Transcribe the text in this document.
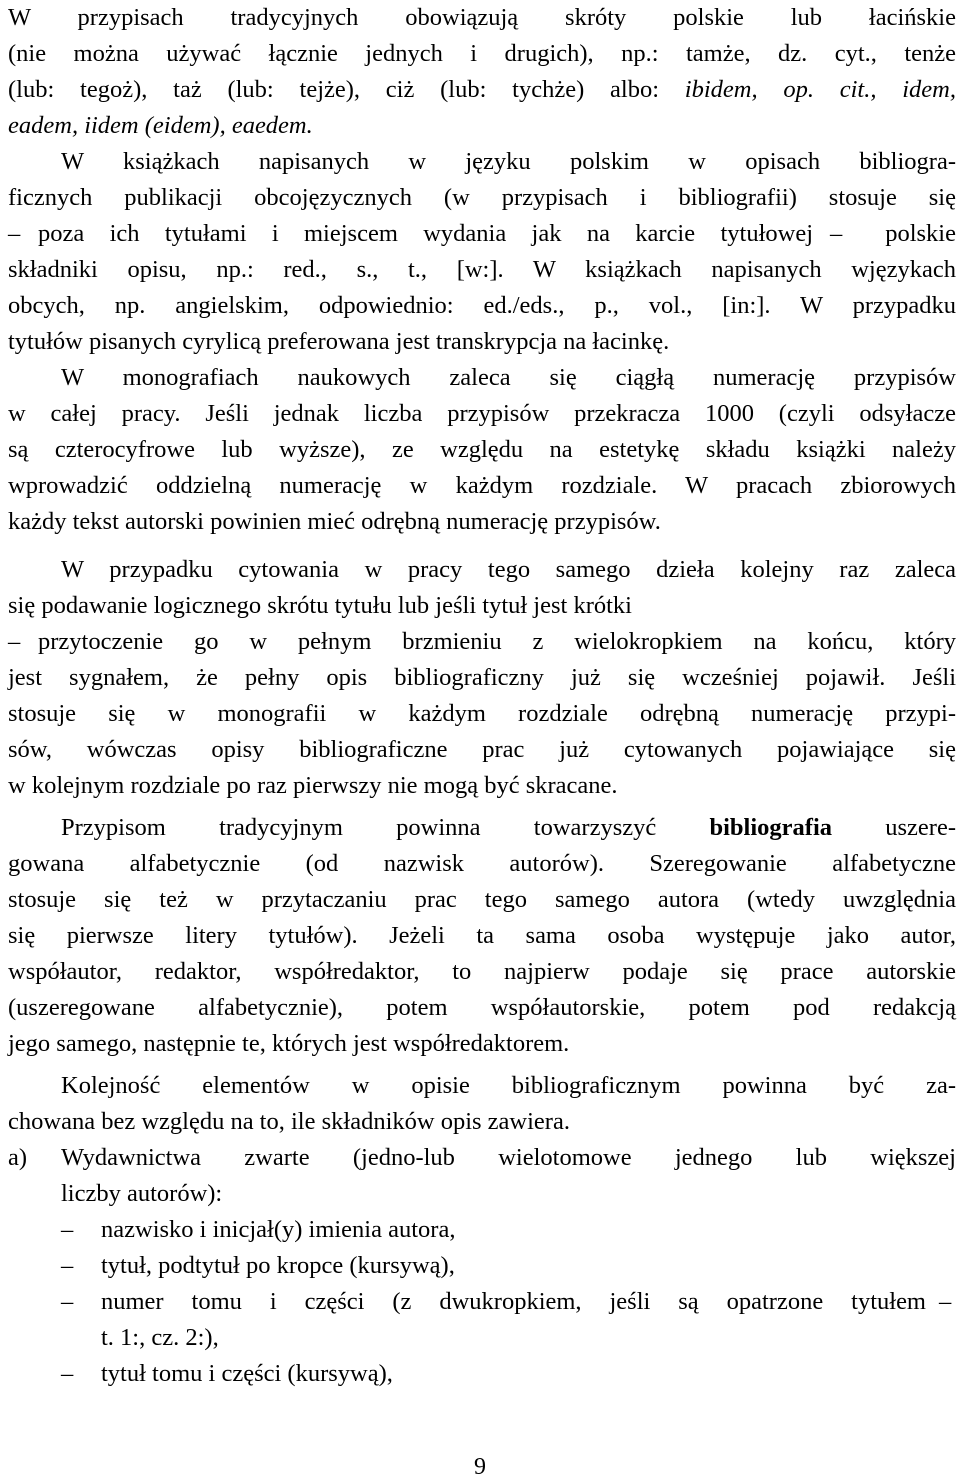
W przypisach tradycyjnych obowiązują skróty polskie lub łacińskie
(nie można używać łącznie jednych i drugich), np.: tamże, dz. cyt., tenże
(lub: tegoż), taż (lub: tejże), ciż (lub: tychże) albo: ibidem, op. cit., idem,
eadem, iidem (eidem), eaedem.
W książkach napisanych w języku polskim w opisach bibliogra-
ficznych publikacji obcojęzycznych (w przypisach i bibliografii) stosuje się
– poza ich tytułami i miejscem wydania jak na karcie tytułowej –	polskie
składniki opisu, np.: red., s., t., [w:]. W książkach napisanych wjęzykach
obcych, np. angielskim, odpowiednio: ed./eds., p., vol., [in:]. W przypadku
tytułów pisanych cyrylicą preferowana jest transkrypcja na łacinkę.
W monografiach naukowych zaleca się ciągłą numerację przypisów
w całej pracy. Jeśli jednak liczba przypisów przekracza 1000 (czyli odsyłacze
są czterocyfrowe lub wyższe), ze względu na estetykę składu książki należy
wprowadzić oddzielną numerację w każdym rozdziale. W pracach zbiorowych
każdy tekst autorski powinien mieć odrębną numerację przypisów.
W przypadku cytowania w pracy tego samego dzieła kolejny raz zaleca
się podawanie logicznego skrótu tytułu lub jeśli tytuł jest krótki
– przytoczenie go w pełnym brzmieniu z wielokropkiem na końcu, który
jest sygnałem, że pełny opis bibliograficzny już się wcześniej pojawił. Jeśli
stosuje się w monografii w każdym rozdziale odrębną numerację przypi-
sów, wówczas opisy bibliograficzne prac już cytowanych pojawiające się
w kolejnym rozdziale po raz pierwszy nie mogą być skracane.
Przypisom tradycyjnym powinna towarzyszyć bibliografia uszere-
gowana alfabetycznie (od nazwisk autorów). Szeregowanie alfabetyczne
stosuje się też w przytaczaniu prac tego samego autora (wtedy uwzględnia
się pierwsze litery tytułów). Jeżeli ta sama osoba występuje jako autor,
współautor, redaktor, współredaktor, to najpierw podaje się prace autorskie
(uszeregowane alfabetycznie), potem współautorskie, potem pod redakcją
jego samego, następnie te, których jest współredaktorem.
Kolejność elementów w opisie bibliograficznym powinna być za-
chowana bez względu na to, ile składników opis zawiera.
a) Wydawnictwa zwarte (jedno-lub wielotomowe jednego lub większej
liczby autorów):
– nazwisko i inicjał(y) imienia autora,
– tytuł, podtytuł po kropce (kursywą),
– numer tomu i części (z dwukropkiem, jeśli są opatrzone tytułem –
t. 1:, cz. 2:),
– tytuł tomu i części (kursywą),
9
